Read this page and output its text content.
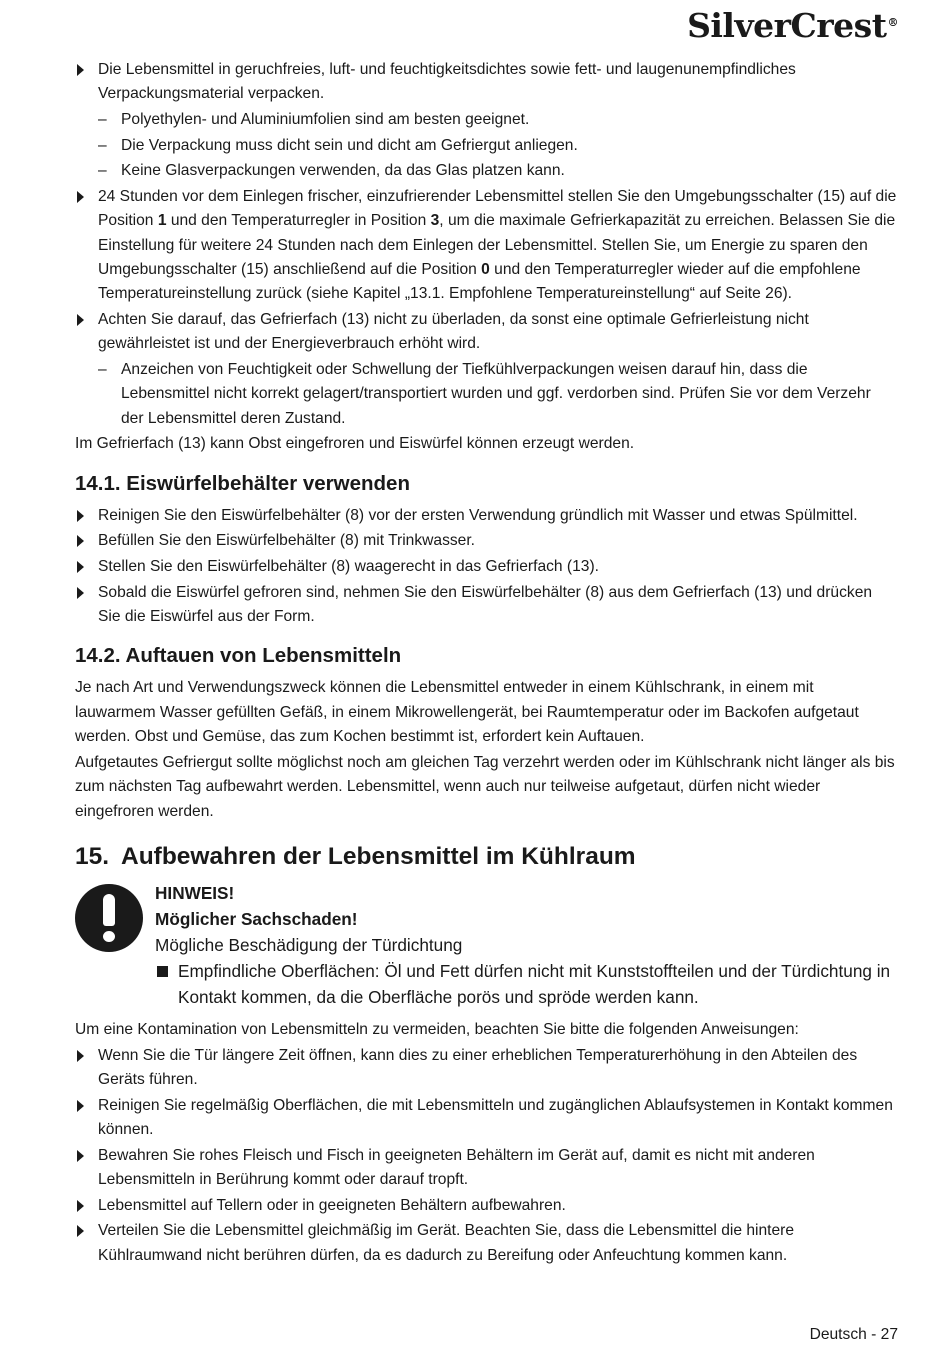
SilverCrest®
Die Lebensmittel in geruchfreies, luft- und feuchtigkeitsdichtes sowie fett- und laugenunempfindliches Verpackungsmaterial verpacken.
– Polyethylen- und Aluminiumfolien sind am besten geeignet.
– Die Verpackung muss dicht sein und dicht am Gefriergut anliegen.
– Keine Glasverpackungen verwenden, da das Glas platzen kann.
24 Stunden vor dem Einlegen frischer, einzufrierender Lebensmittel stellen Sie den Umgebungsschalter (15) auf die Position 1 und den Temperaturregler in Position 3, um die maximale Gefrierkapazität zu erreichen. Belassen Sie die Einstellung für weitere 24 Stunden nach dem Einlegen der Lebensmittel. Stellen Sie, um Energie zu sparen den Umgebungsschalter (15) anschließend auf die Position 0 und den Temperaturregler wieder auf die empfohlene Temperatureinstellung zurück (siehe Kapitel „13.1. Empfohlene Temperatureinstellung“ auf Seite 26).
Achten Sie darauf, das Gefrierfach (13) nicht zu überladen, da sonst eine optimale Gefrierleistung nicht gewährleistet ist und der Energieverbrauch erhöht wird.
– Anzeichen von Feuchtigkeit oder Schwellung der Tiefkühlverpackungen weisen darauf hin, dass die Lebensmittel nicht korrekt gelagert/transportiert wurden und ggf. verdorben sind. Prüfen Sie vor dem Verzehr der Lebensmittel deren Zustand.

Im Gefrierfach (13) kann Obst eingefroren und Eiswürfel können erzeugt werden.

14.1. Eiswürfelbehälter verwenden
Reinigen Sie den Eiswürfelbehälter (8) vor der ersten Verwendung gründlich mit Wasser und etwas Spülmittel.
Befüllen Sie den Eiswürfelbehälter (8) mit Trinkwasser.
Stellen Sie den Eiswürfelbehälter (8) waagerecht in das Gefrierfach (13).
Sobald die Eiswürfel gefroren sind, nehmen Sie den Eiswürfelbehälter (8) aus dem Gefrierfach (13) und drücken Sie die Eiswürfel aus der Form.
14.2. Auftauen von Lebensmitteln

Je nach Art und Verwendungszweck können die Lebensmittel entweder in einem Kühlschrank, in einem mit lauwarmem Wasser gefüllten Gefäß, in einem Mikrowellengerät, bei Raumtemperatur oder im Backofen aufgetaut werden. Obst und Gemüse, das zum Kochen bestimmt ist, erfordert kein Auftauen.

Aufgetautes Gefriergut sollte möglichst noch am gleichen Tag verzehrt werden oder im Kühlschrank nicht länger als bis zum nächsten Tag aufbewahrt werden. Lebensmittel, wenn auch nur teilweise aufgetaut, dürfen nicht wieder eingefroren werden.

15. Aufbewahren der Lebensmittel im Kühlraum
HINWEIS!
Möglicher Sachschaden!
Mögliche Beschädigung der Türdichtung
Empfindliche Oberflächen: Öl und Fett dürfen nicht mit Kunststoffteilen und der Türdichtung in Kontakt kommen, da die Oberfläche porös und spröde werden kann.

Um eine Kontamination von Lebensmitteln zu vermeiden, beachten Sie bitte die folgenden Anweisungen:

Wenn Sie die Tür längere Zeit öffnen, kann dies zu einer erheblichen Temperaturerhöhung in den Abteilen des Geräts führen.
Reinigen Sie regelmäßig Oberflächen, die mit Lebensmitteln und zugänglichen Ablaufsystemen in Kontakt kommen können.
Bewahren Sie rohes Fleisch und Fisch in geeigneten Behältern im Gerät auf, damit es nicht mit anderen Lebensmitteln in Berührung kommt oder darauf tropft.
Lebensmittel auf Tellern oder in geeigneten Behältern aufbewahren.
Verteilen Sie die Lebensmittel gleichmäßig im Gerät. Beachten Sie, dass die Lebensmittel die hintere Kühlraumwand nicht berühren dürfen, da es dadurch zu Bereifung oder Anfeuchtung kommen kann.
Deutsch - 27
